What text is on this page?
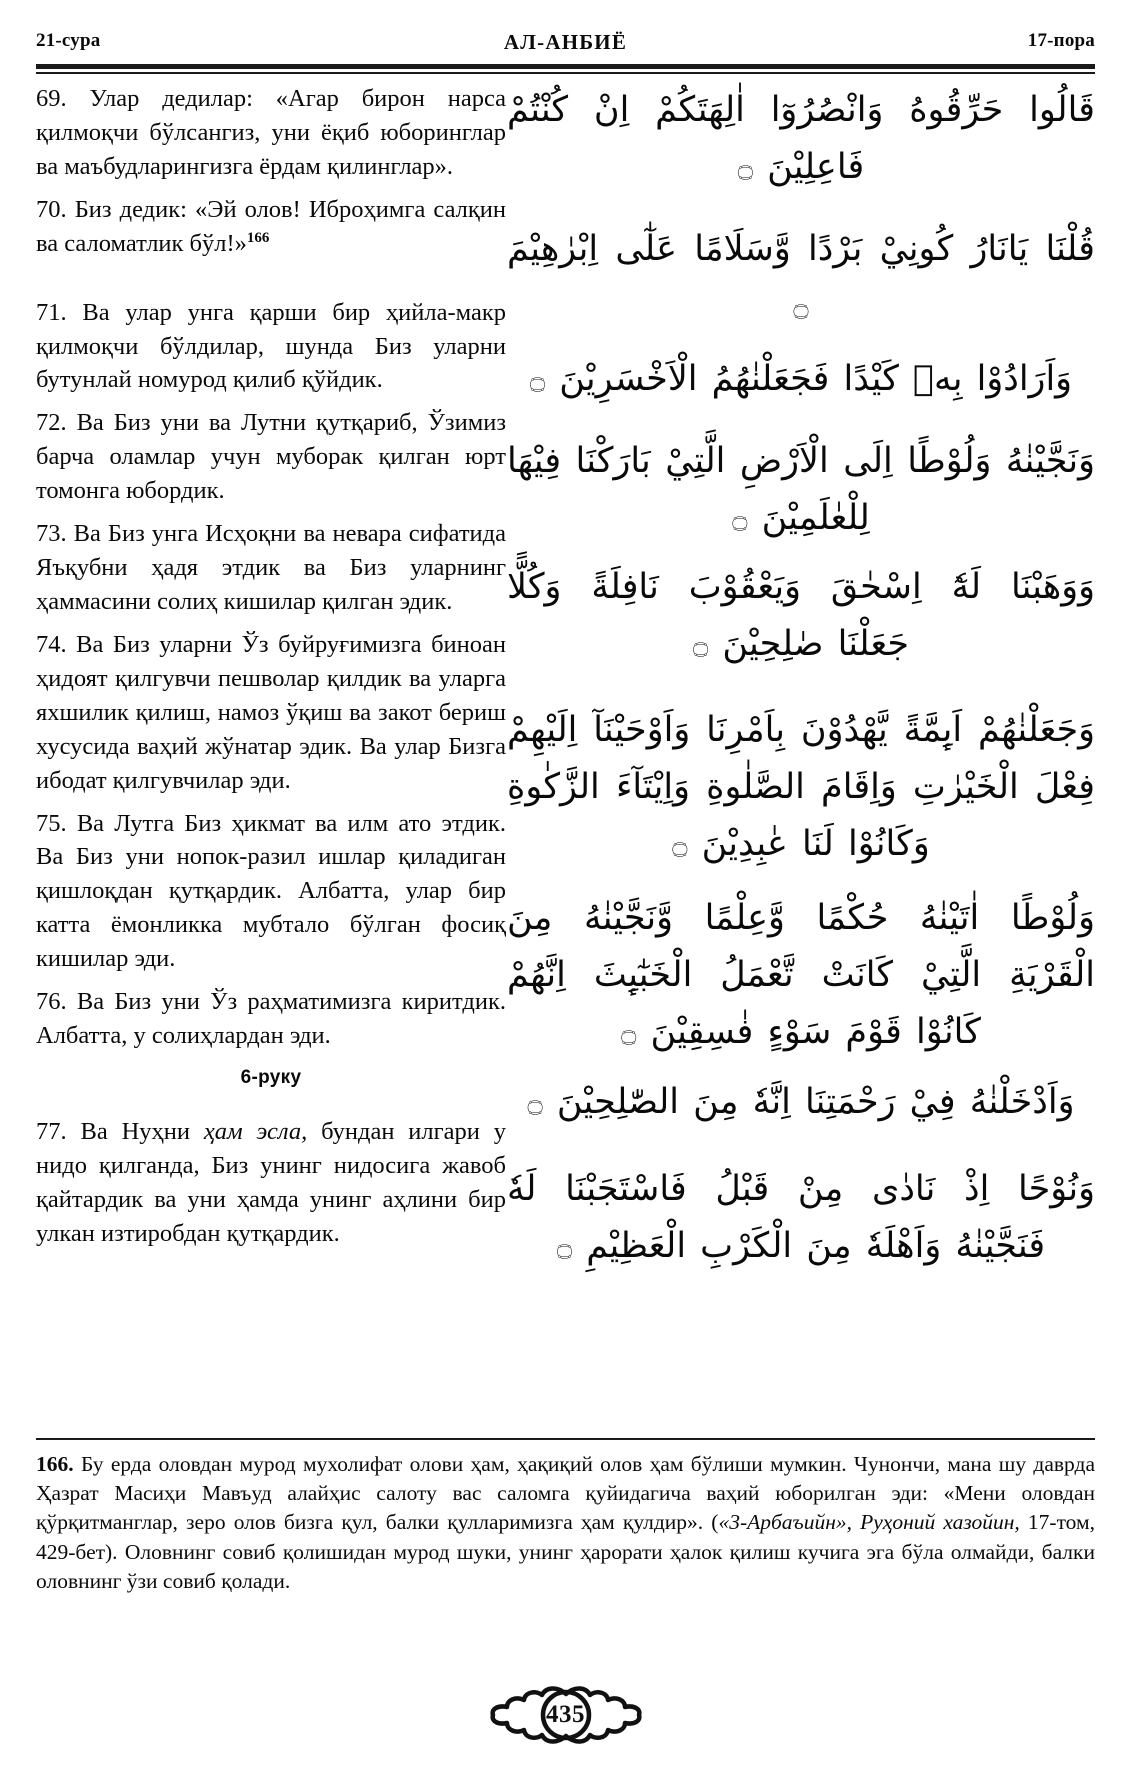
21-сура	АЛ-АНБИЁ	17-пора

69. Улар дедилар: «Агар бирон нарса қилмоқчи бўлсангиз, уни ёқиб юборинглар ва маъбудларингизга ёрдам қилинглар».

70. Биз дедик: «Эй олов! Иброҳимга салқин ва саломатлик бўл!»$^{166}$

71. Ва улар унга қарши бир ҳийла-макр қилмоқчи бўлдилар, шунда Биз уларни бутунлай номурод қилиб қўйдик.

72. Ва Биз уни ва Лутни қутқариб, Ўзимиз барча оламлар учун муборак қилган юрт томонга юбордик.

73. Ва Биз унга Исҳоқни ва невара сифатида Яъқубни ҳадя этдик ва Биз уларнинг ҳаммасини солиҳ кишилар қилган эдик.

74. Ва Биз уларни Ўз буйруғимизга биноан ҳидоят қилгувчи пешволар қилдик ва уларга яхшилик қилиш, намоз ўқиш ва закот бериш хусусида ваҳий жўнатар эдик. Ва улар Бизга ибодат қилгувчилар эди.

75. Ва Лутга Биз ҳикмат ва илм ато этдик. Ва Биз уни нопок-разил ишлар қиладиган қишлоқдан қутқардик. Албатта, улар бир катта ёмонликка мубтало бўлган фосиқ кишилар эди.

76. Ва Биз уни Ўз раҳматимизга киритдик. Албатта, у солиҳлардан эди.

6-руку

77. Ва Нуҳни ҳам эсла, бундан илгари у нидо қилганда, Биз унинг нидосига жавоб қайтардик ва уни ҳамда унинг аҳлини бир улкан изтиробдан қутқардик.

قَالُوا حَرِّقُوهُ وَانْصُرُوٓا اٰلِهَتَكُمْ اِنْ كُنْتُمْ فَاعِلِيْنَ ۝

قُلْنَا يَانَارُ كُونِيْ بَرْدًا وَّسَلَامًا عَلٰٓى اِبْرٰهِيْمَ ۝

وَاَرَادُوْا بِهٖ كَيْدًا فَجَعَلْنٰهُمُ الْاَخْسَرِيْنَ ۝

وَنَجَّيْنٰهُ وَلُوْطًا اِلَى الْاَرْضِ الَّتِيْ بَارَكْنَا فِيْهَا لِلْعٰلَمِيْنَ ۝

وَوَهَبْنَا لَهٗٓ اِسْحٰقَ وَيَعْقُوْبَ نَافِلَةً وَكُلًّا جَعَلْنَا صٰلِحِيْنَ ۝

وَجَعَلْنٰهُمْ اَىِٕمَّةً يَّهْدُوْنَ بِاَمْرِنَا وَاَوْحَيْنَآ اِلَيْهِمْ فِعْلَ الْخَيْرٰتِ وَاِقَامَ الصَّلٰوةِ وَاِيْتَآءَ الزَّكٰوةِ وَكَانُوْا لَنَا عٰبِدِيْنَ ۝

وَلُوْطًا اٰتَيْنٰهُ حُكْمًا وَّعِلْمًا وَّنَجَّيْنٰهُ مِنَ الْقَرْيَةِ الَّتِيْ كَانَتْ تَّعْمَلُ الْخَبٰٓىِٕثَ اِنَّهُمْ كَانُوْا قَوْمَ سَوْءٍ فٰسِقِيْنَ ۝

وَاَدْخَلْنٰهُ فِيْ رَحْمَتِنَا اِنَّهٗ مِنَ الصّٰلِحِيْنَ ۝

وَنُوْحًا اِذْ نَادٰى مِنْ قَبْلُ فَاسْتَجَبْنَا لَهٗ فَنَجَّيْنٰهُ وَاَهْلَهٗ مِنَ الْكَرْبِ الْعَظِيْمِ ۝

166. Бу ерда оловдан мурод мухолифат олови ҳам, ҳақиқий олов ҳам бўлиши мумкин. Чунончи, мана шу даврда Ҳазрат Масиҳи Мавъуд алайҳис салоту вас саломга қуйидагича ваҳий юборилган эди: «Мени оловдан қўрқитманглар, зеро олов бизга қул, балки қулларимизга ҳам қулдир». («3-Арбаъийн», Руҳоний хазойин, 17-том, 429-бет). Оловнинг совиб қолишидан мурод шуки, унинг ҳарорати ҳалок қилиш кучига эга бўла олмайди, балки оловнинг ўзи совиб қолади.

435
